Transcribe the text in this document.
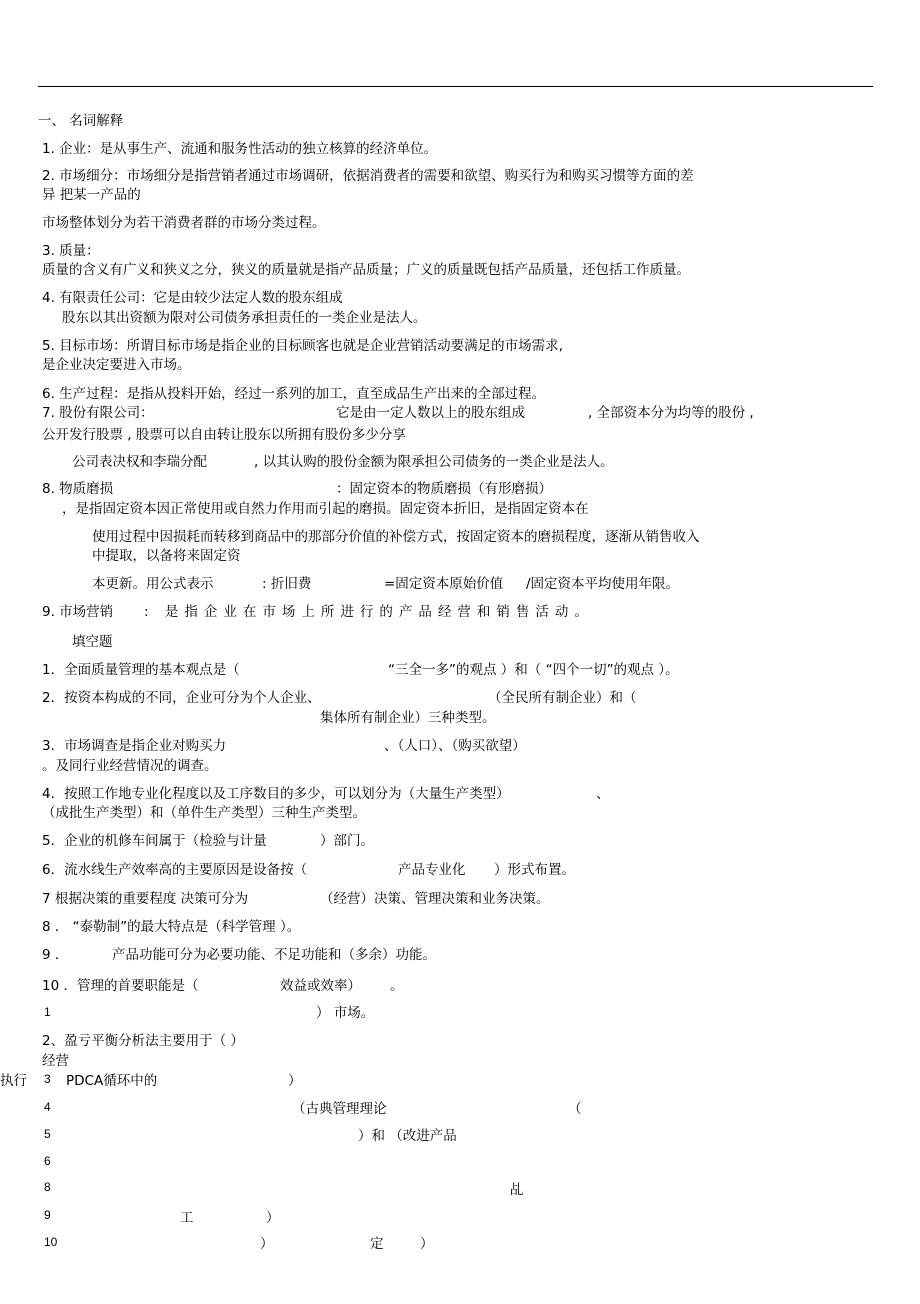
一、 名词解释
1. 企业：是从事生产、流通和服务性活动的独立核算的经济单位。
2. 市场细分：市场细分是指营销者通过市场调研，依据消费者的需要和欲望、购买行为和购买习惯等方面的差
异 把某一产品的
市场整体划分为若干消费者群的市场分类过程。
3. 质量：
质量的含义有广义和狭义之分，狭义的质量就是指产品质量；广义的质量既包括产品质量，还包括工作质量。
4. 有限责任公司：它是由较少法定人数的股东组成
股东以其出资额为限对公司债务承担责任的一类企业是法人。
5. 目标市场：所谓目标市场是指企业的目标顾客也就是企业营销活动要满足的市场需求,
是企业决定要进入市场。
6. 生产过程：是指从投料开始，经过一系列的加工，直至成品生产出来的全部过程。
7. 股份有限公司：	它是由一定人数以上的股东组成	, 全部资本分为均等的股份 ,
公开发行股票 , 股票可以自由转让股东以所拥有股份多少分享
公司表决权和李瑞分配	, 以其认购的股份金额为限承担公司债务的一类企业是法人。
8. 物质磨损	：固定资本的物质磨损（有形磨损）
，是指固定资本因正常使用或自然力作用而引起的磨损。固定资本折旧，是指固定资本在
使用过程中因损耗而转移到商品中的那部分价值的补偿方式，按固定资本的磨损程度，逐渐从销售收入
中提取，以备将来固定资
本更新。用公式表示	: 折旧费	=固定资本原始价值 /固定资本平均使用年限。
9. 市场营销 : 是指企业在市场上所进行的产品经营和销售活动。
填空题
1．全面质量管理的基本观点是（	“三全一多”的观点 ）和（ “四个一切”的观点 ）。
2．按资本构成的不同，企业可分为个人企业、	（全民所有制企业）和（
集体所有制企业）三种类型。
3．市场调查是指企业对购买力	、（人口）、（购买欲望）
。及同行业经营情况的调查。
4．按照工作地专业化程度以及工序数目的多少，可以划分为（大量生产类型）	、
（成批生产类型）和（单件生产类型）三种生产类型。
5．企业的机修车间属于（检验与计量	）部门。
6．流水线生产效率高的主要原因是设备按（	产品专业化 ）形式布置。
7 根据决策的重要程度 决策可分为	（经营）决策、管理决策和业务决策。
8 ． “泰勒制”的最大特点是（科学管理 ）。
9 ．	产品功能可分为必要功能、不足功能和（多余）功能。
10 ．管理的首要职能是（	效益或效率） 。
1	） 市场。
2、盈亏平衡分析法主要用于（ ）
经营
执行 3 PDCA循环中的	）
4	（古典管理理论	（
5	）和 （改进产品
6
8	乩
9	工	）
10	）	定	）
